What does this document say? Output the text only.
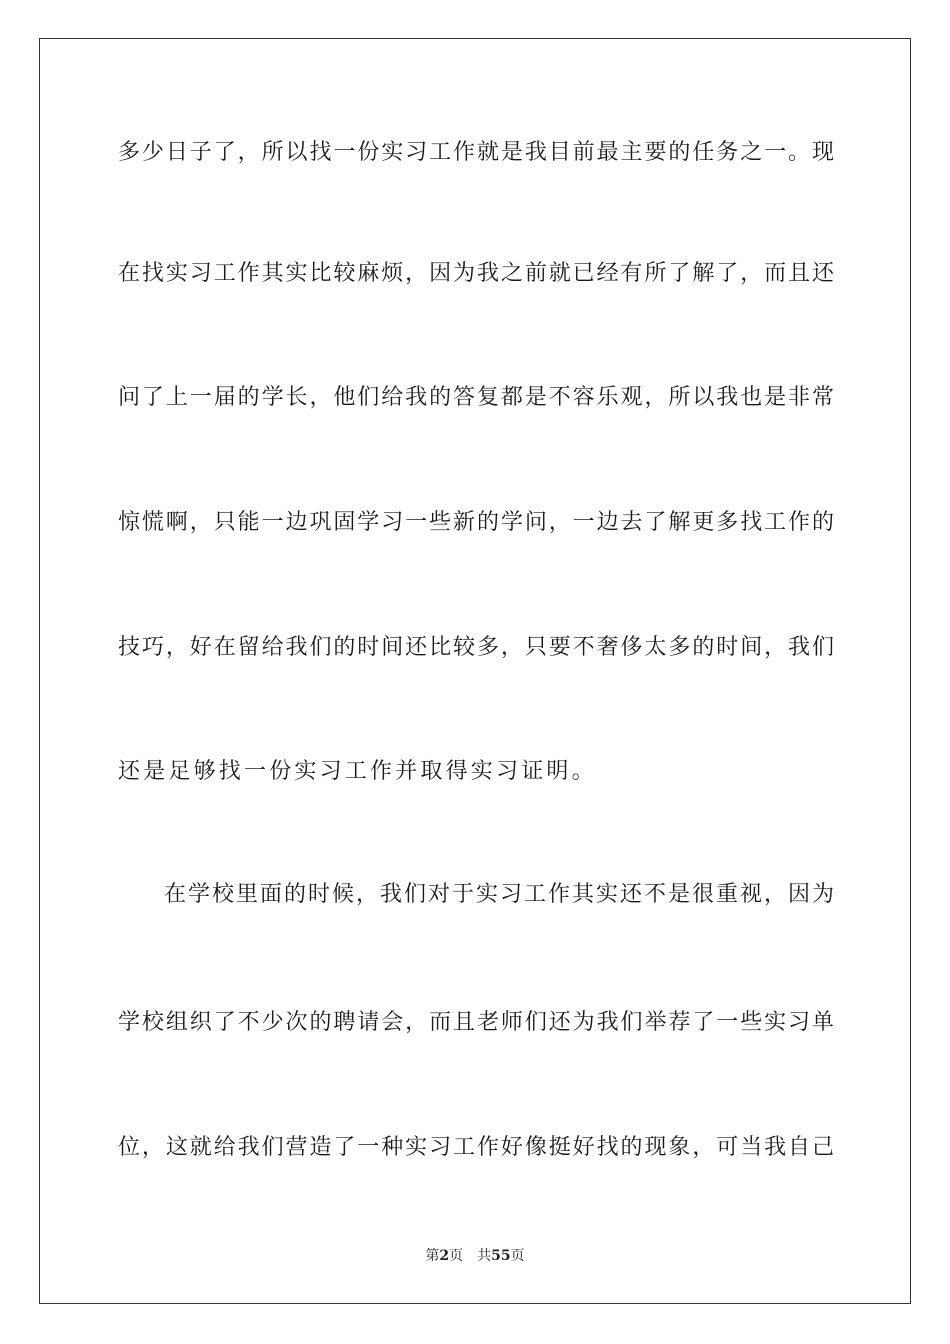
多少日子了，所以找一份实习工作就是我目前最主要的任务之一。现
在找实习工作其实比较麻烦，因为我之前就已经有所了解了，而且还
问了上一届的学长，他们给我的答复都是不容乐观，所以我也是非常
惊慌啊，只能一边巩固学习一些新的学问，一边去了解更多找工作的
技巧，好在留给我们的时间还比较多，只要不奢侈太多的时间，我们
还是足够找一份实习工作并取得实习证明。
在学校里面的时候，我们对于实习工作其实还不是很重视，因为
学校组织了不少次的聘请会，而且老师们还为我们举荐了一些实习单
位，这就给我们营造了一种实习工作好像挺好找的现象，可当我自己
第2页 共55页
